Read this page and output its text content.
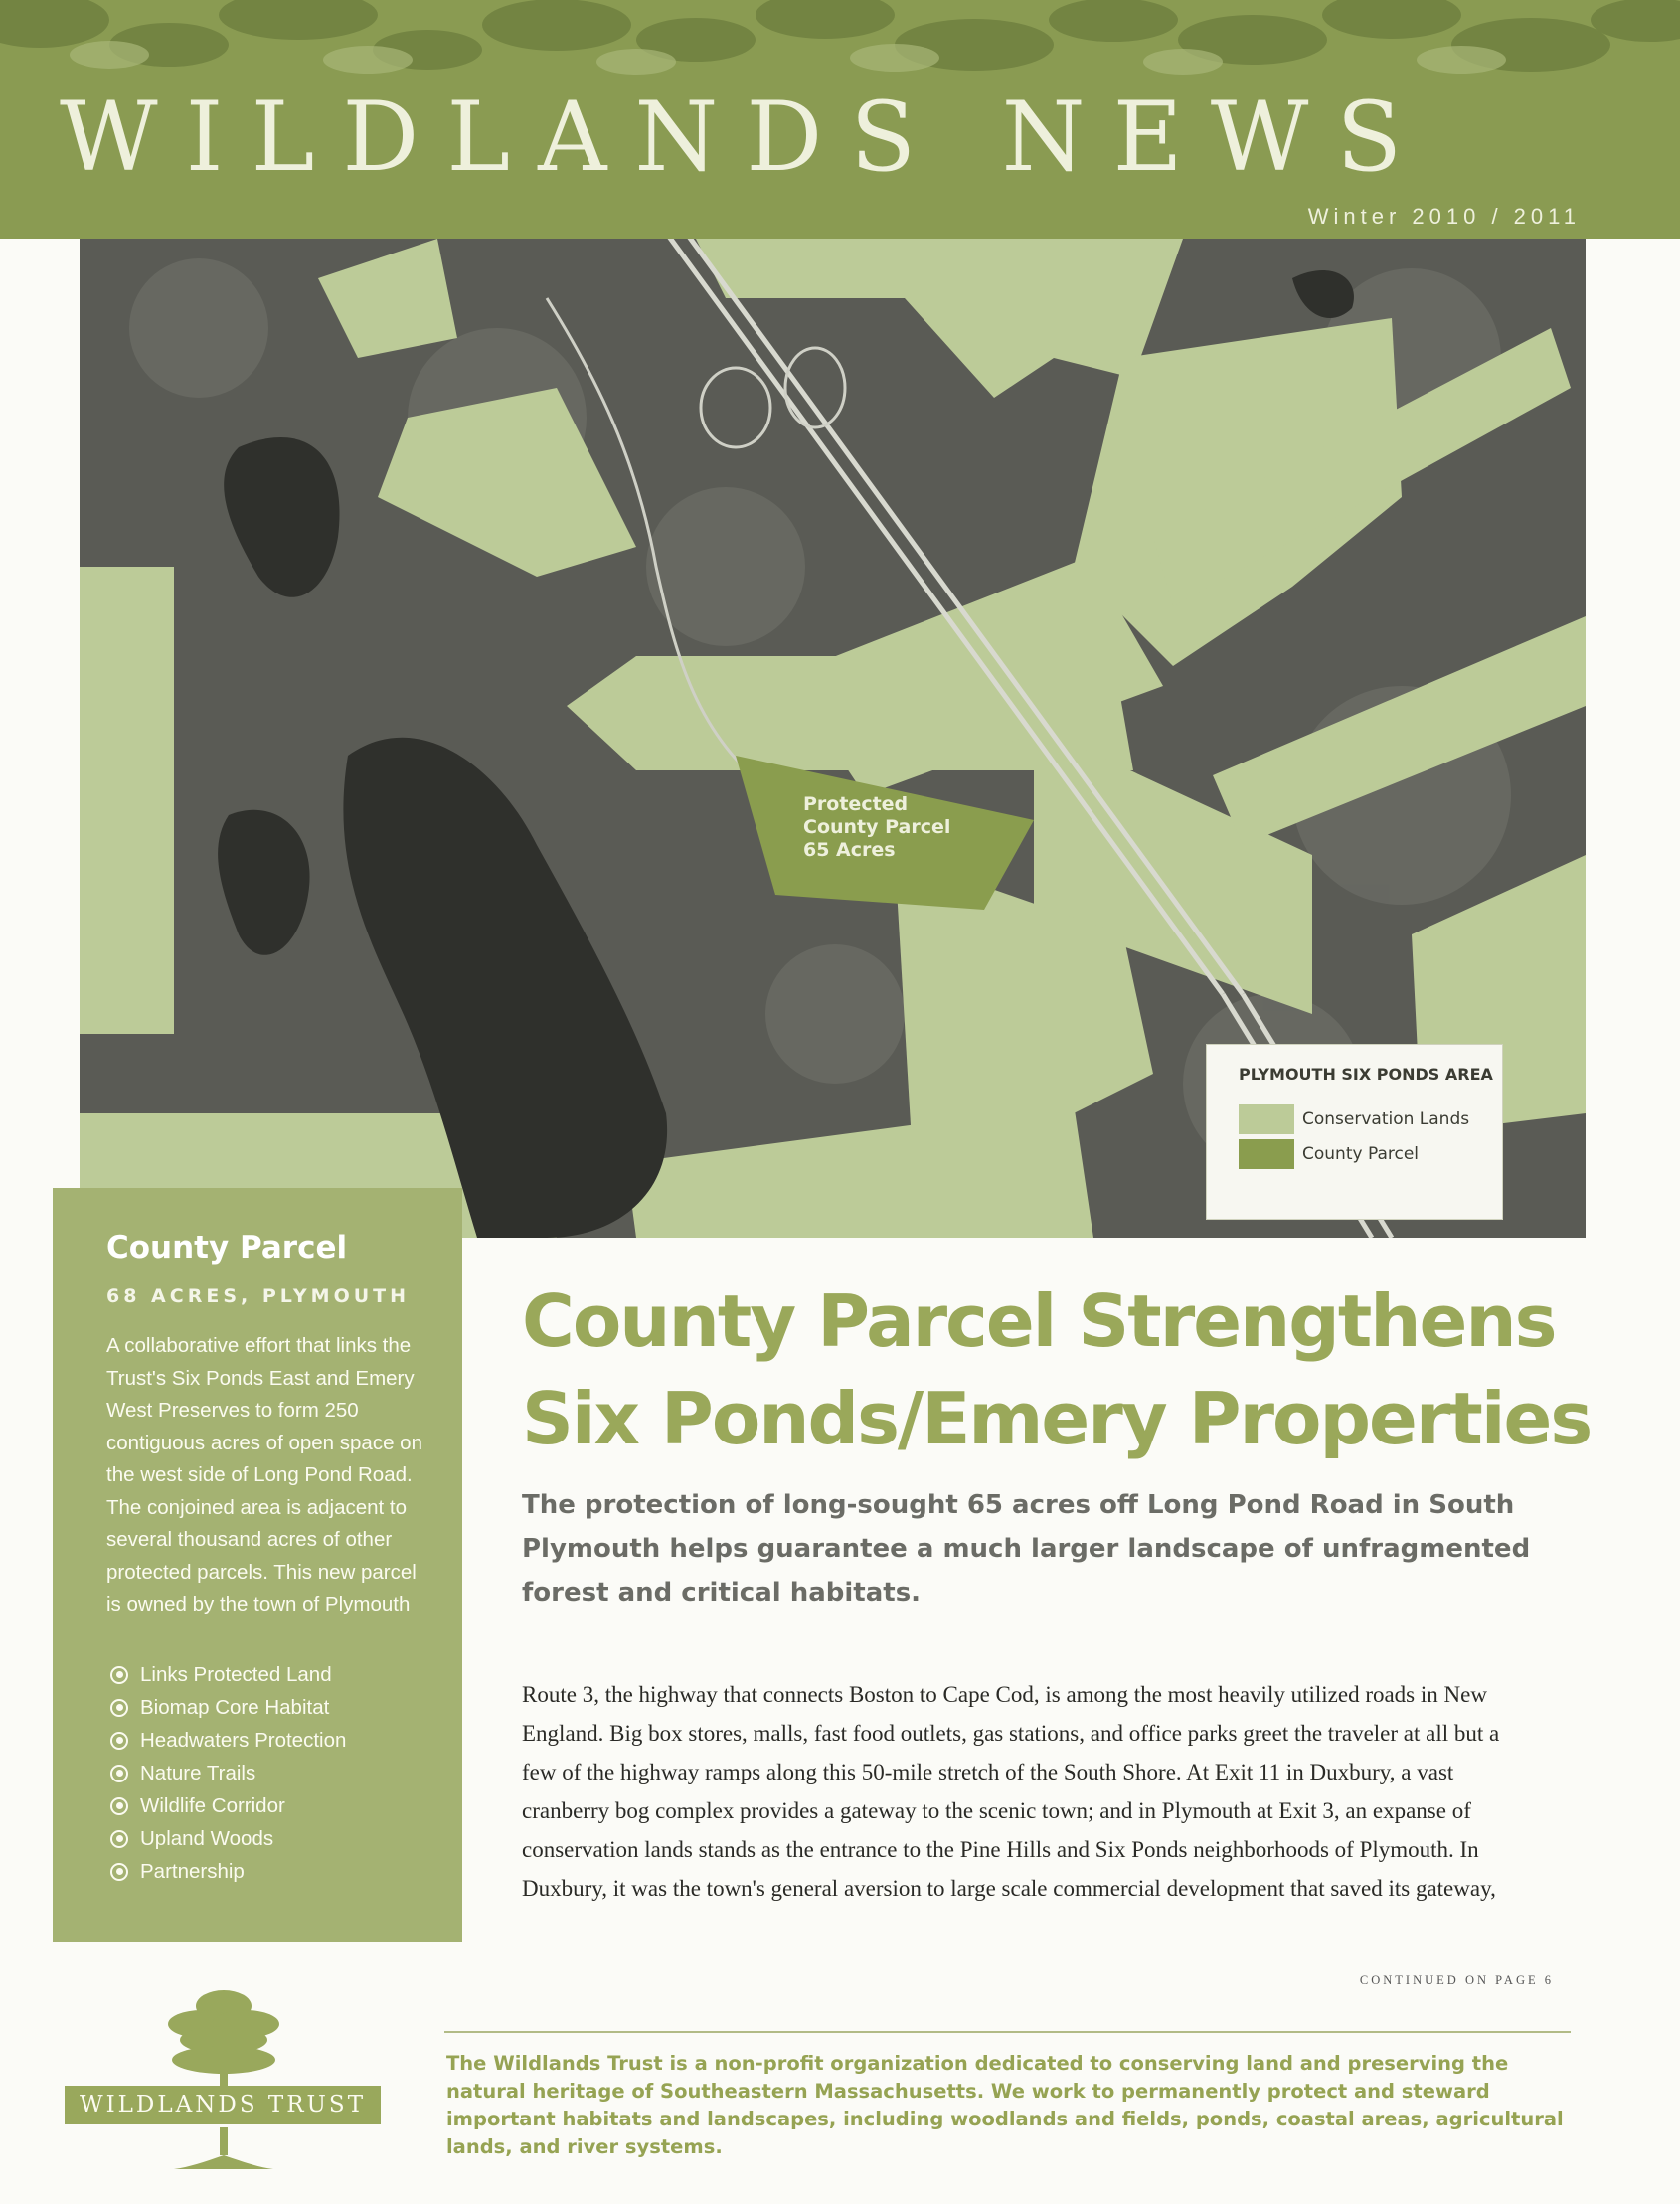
WILDLANDS NEWS
Winter 2010 / 2011
Protected
County Parcel
65 Acres
PLYMOUTH SIX PONDS AREA
Conservation Lands
County Parcel
County Parcel
68 ACRES, PLYMOUTH
A collaborative effort that links the Trust's Six Ponds East and Emery West Preserves to form 250 contiguous acres of open space on the west side of Long Pond Road. The conjoined area is adjacent to several thousand acres of other protected parcels. This new parcel is owned by the town of Plymouth
Links Protected Land
Biomap Core Habitat
Headwaters Protection
Nature Trails
Wildlife Corridor
Upland Woods
Partnership
County Parcel Strengthens
Six Ponds/Emery Properties
The protection of long-sought 65 acres off Long Pond Road in South Plymouth helps guarantee a much larger landscape of unfragmented forest and critical habitats.
Route 3, the highway that connects Boston to Cape Cod, is among the most heavily utilized roads in New England. Big box stores, malls, fast food outlets, gas stations, and office parks greet the traveler at all but a few of the highway ramps along this 50-mile stretch of the South Shore. At Exit 11 in Duxbury, a vast cranberry bog complex provides a gateway to the scenic town; and in Plymouth at Exit 3, an expanse of conservation lands stands as the entrance to the Pine Hills and Six Ponds neighborhoods of Plymouth. In Duxbury, it was the town's general aversion to large scale commercial development that saved its gateway,
CONTINUED ON PAGE 6
WILDLANDS TRUST
The Wildlands Trust is a non-profit organization dedicated to conserving land and preserving the natural heritage of Southeastern Massachusetts. We work to permanently protect and steward important habitats and landscapes, including woodlands and fields, ponds, coastal areas, agricultural lands, and river systems.
